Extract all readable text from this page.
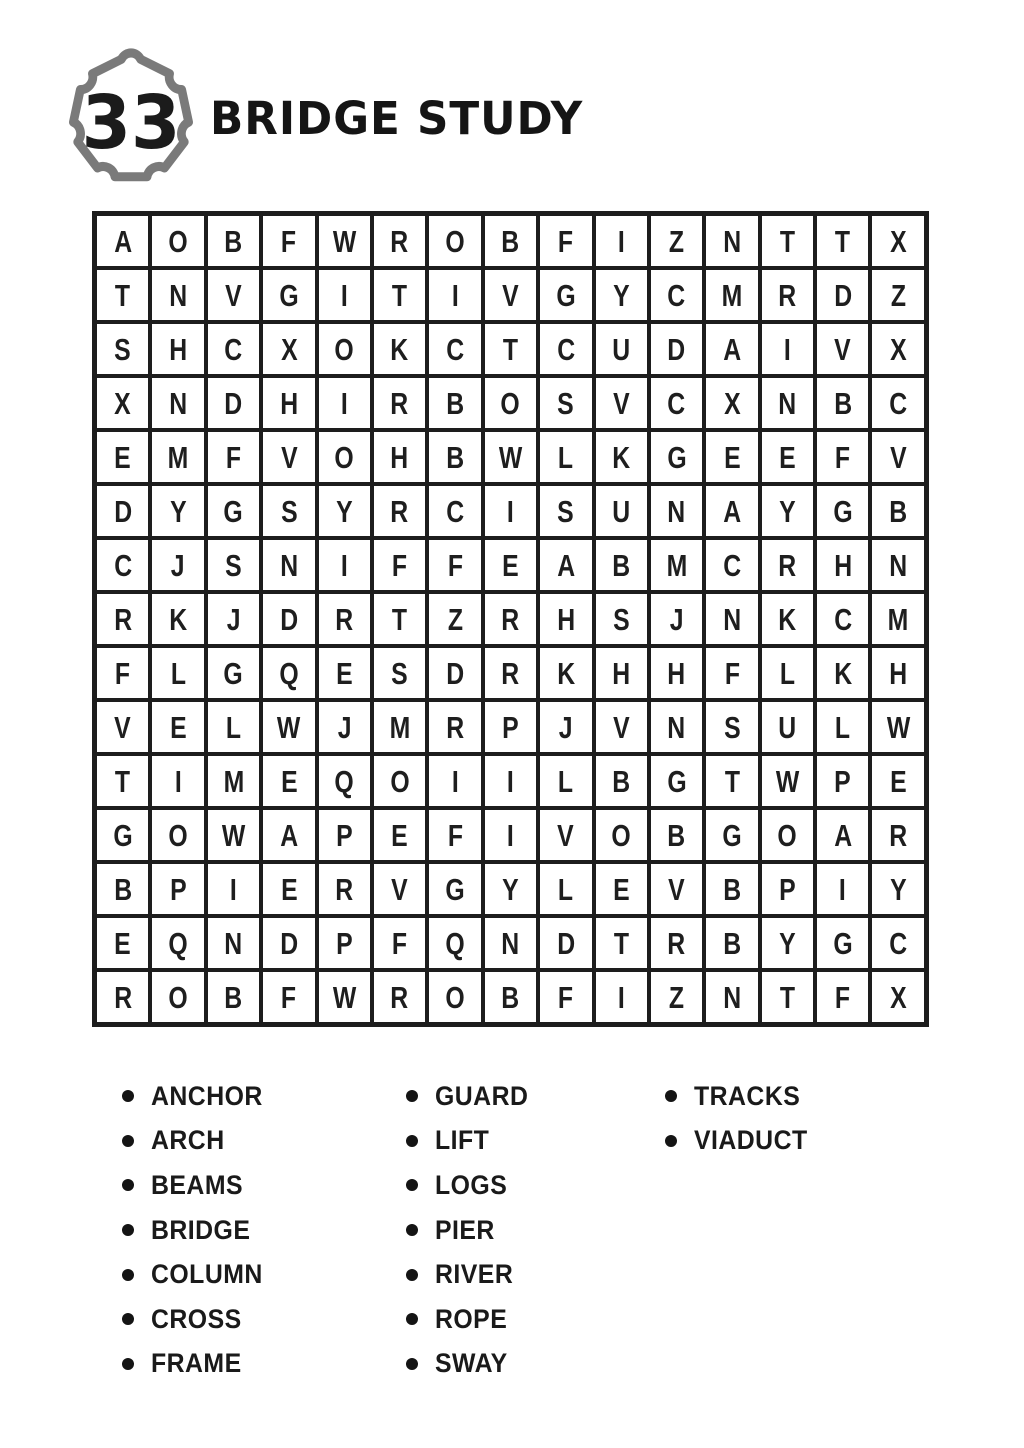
33 BRIDGE STUDY
A O B F W R O B F I Z N T T X
T N V G I T I V G Y C M R D Z
S H C X O K C T C U D A I V X
X N D H I R B O S V C X N B C
E M F V O H B W L K G E E F V
D Y G S Y R C I S U N A Y G B
C J S N I F F E A B M C R H N
R K J D R T Z R H S J N K C M
F L G Q E S D R K H H F L K H
V E L W J M R P J V N S U L W
T I M E Q O I I L B G T W P E
G O W A P E F I V O B G O A R
B P I E R V G Y L E V B P I Y
E Q N D P F Q N D T R B Y G C
R O B F W R O B F I Z N T F X
ANCHOR
ARCH
BEAMS
BRIDGE
COLUMN
CROSS
FRAME
GUARD
LIFT
LOGS
PIER
RIVER
ROPE
SWAY
TRACKS
VIADUCT
